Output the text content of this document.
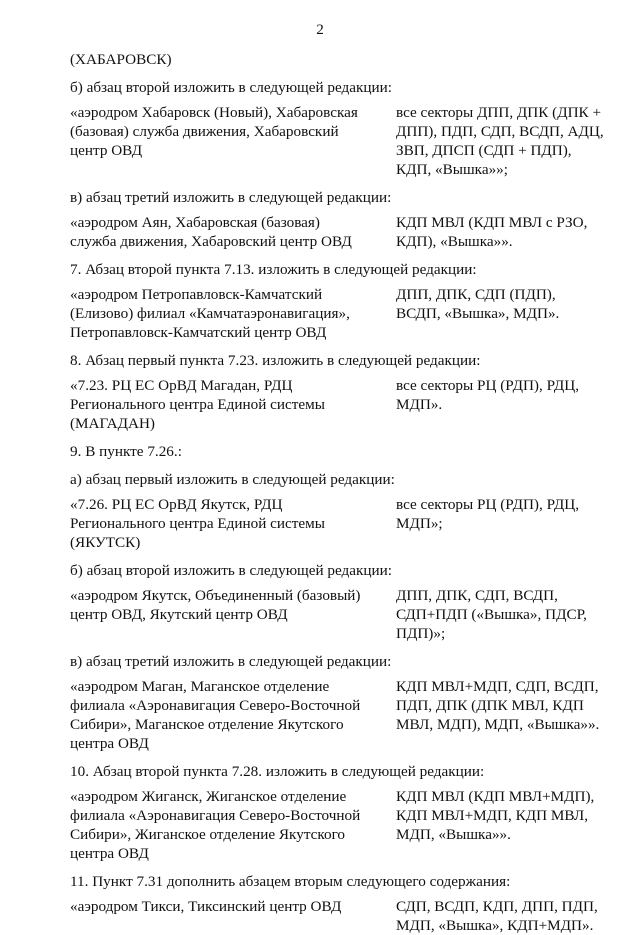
2

(ХАБАРОВСК)

б) абзац второй изложить в следующей редакции:

«аэродром Хабаровск (Новый), Хабаровская
(базовая) служба движения, Хабаровский
центр ОВД
все секторы ДПП, ДПК (ДПК +
ДПП), ПДП, СДП, ВСДП, АДЦ,
ЗВП, ДПСП (СДП + ПДП),
КДП, «Вышка»»;

в) абзац третий изложить в следующей редакции:

«аэродром Аян, Хабаровская (базовая)
служба движения, Хабаровский центр ОВД
КДП МВЛ (КДП МВЛ с РЗО,
КДП), «Вышка»».

7. Абзац второй пункта 7.13. изложить в следующей редакции:

«аэродром Петропавловск-Камчатский
(Елизово) филиал «Камчатаэронавигация»,
Петропавловск-Камчатский центр ОВД
ДПП, ДПК, СДП (ПДП),
ВСДП, «Вышка», МДП».

8. Абзац первый пункта 7.23. изложить в следующей редакции:

«7.23. РЦ ЕС ОрВД Магадан, РДЦ
Регионального центра Единой системы
(МАГАДАН)
все секторы РЦ (РДП), РДЦ,
МДП».

9. В пункте 7.26.:

а) абзац первый изложить в следующей редакции:

«7.26. РЦ ЕС ОрВД Якутск, РДЦ
Регионального центра Единой системы
(ЯКУТСК)
все секторы РЦ (РДП), РДЦ,
МДП»;

б) абзац второй изложить в следующей редакции:

«аэродром Якутск, Объединенный (базовый)
центр ОВД, Якутский центр ОВД
ДПП, ДПК, СДП, ВСДП,
СДП+ПДП («Вышка», ПДСР,
ПДП)»;

в) абзац третий изложить в следующей редакции:

«аэродром Маган, Маганское отделение
филиала «Аэронавигация Северо-Восточной
Сибири», Маганское отделение Якутского
центра ОВД
КДП МВЛ+МДП, СДП, ВСДП,
ПДП, ДПК (ДПК МВЛ, КДП
МВЛ, МДП), МДП, «Вышка»».

10. Абзац второй пункта 7.28. изложить в следующей редакции:

«аэродром Жиганск, Жиганское отделение
филиала «Аэронавигация Северо-Восточной
Сибири», Жиганское отделение Якутского
центра ОВД
КДП МВЛ (КДП МВЛ+МДП),
КДП МВЛ+МДП, КДП МВЛ,
МДП, «Вышка»».

11. Пункт 7.31 дополнить абзацем вторым следующего содержания:

«аэродром Тикси, Тиксинский центр ОВД	СДП, ВСДП, КДП, ДПП, ПДП,
МДП, «Вышка», КДП+МДП».
